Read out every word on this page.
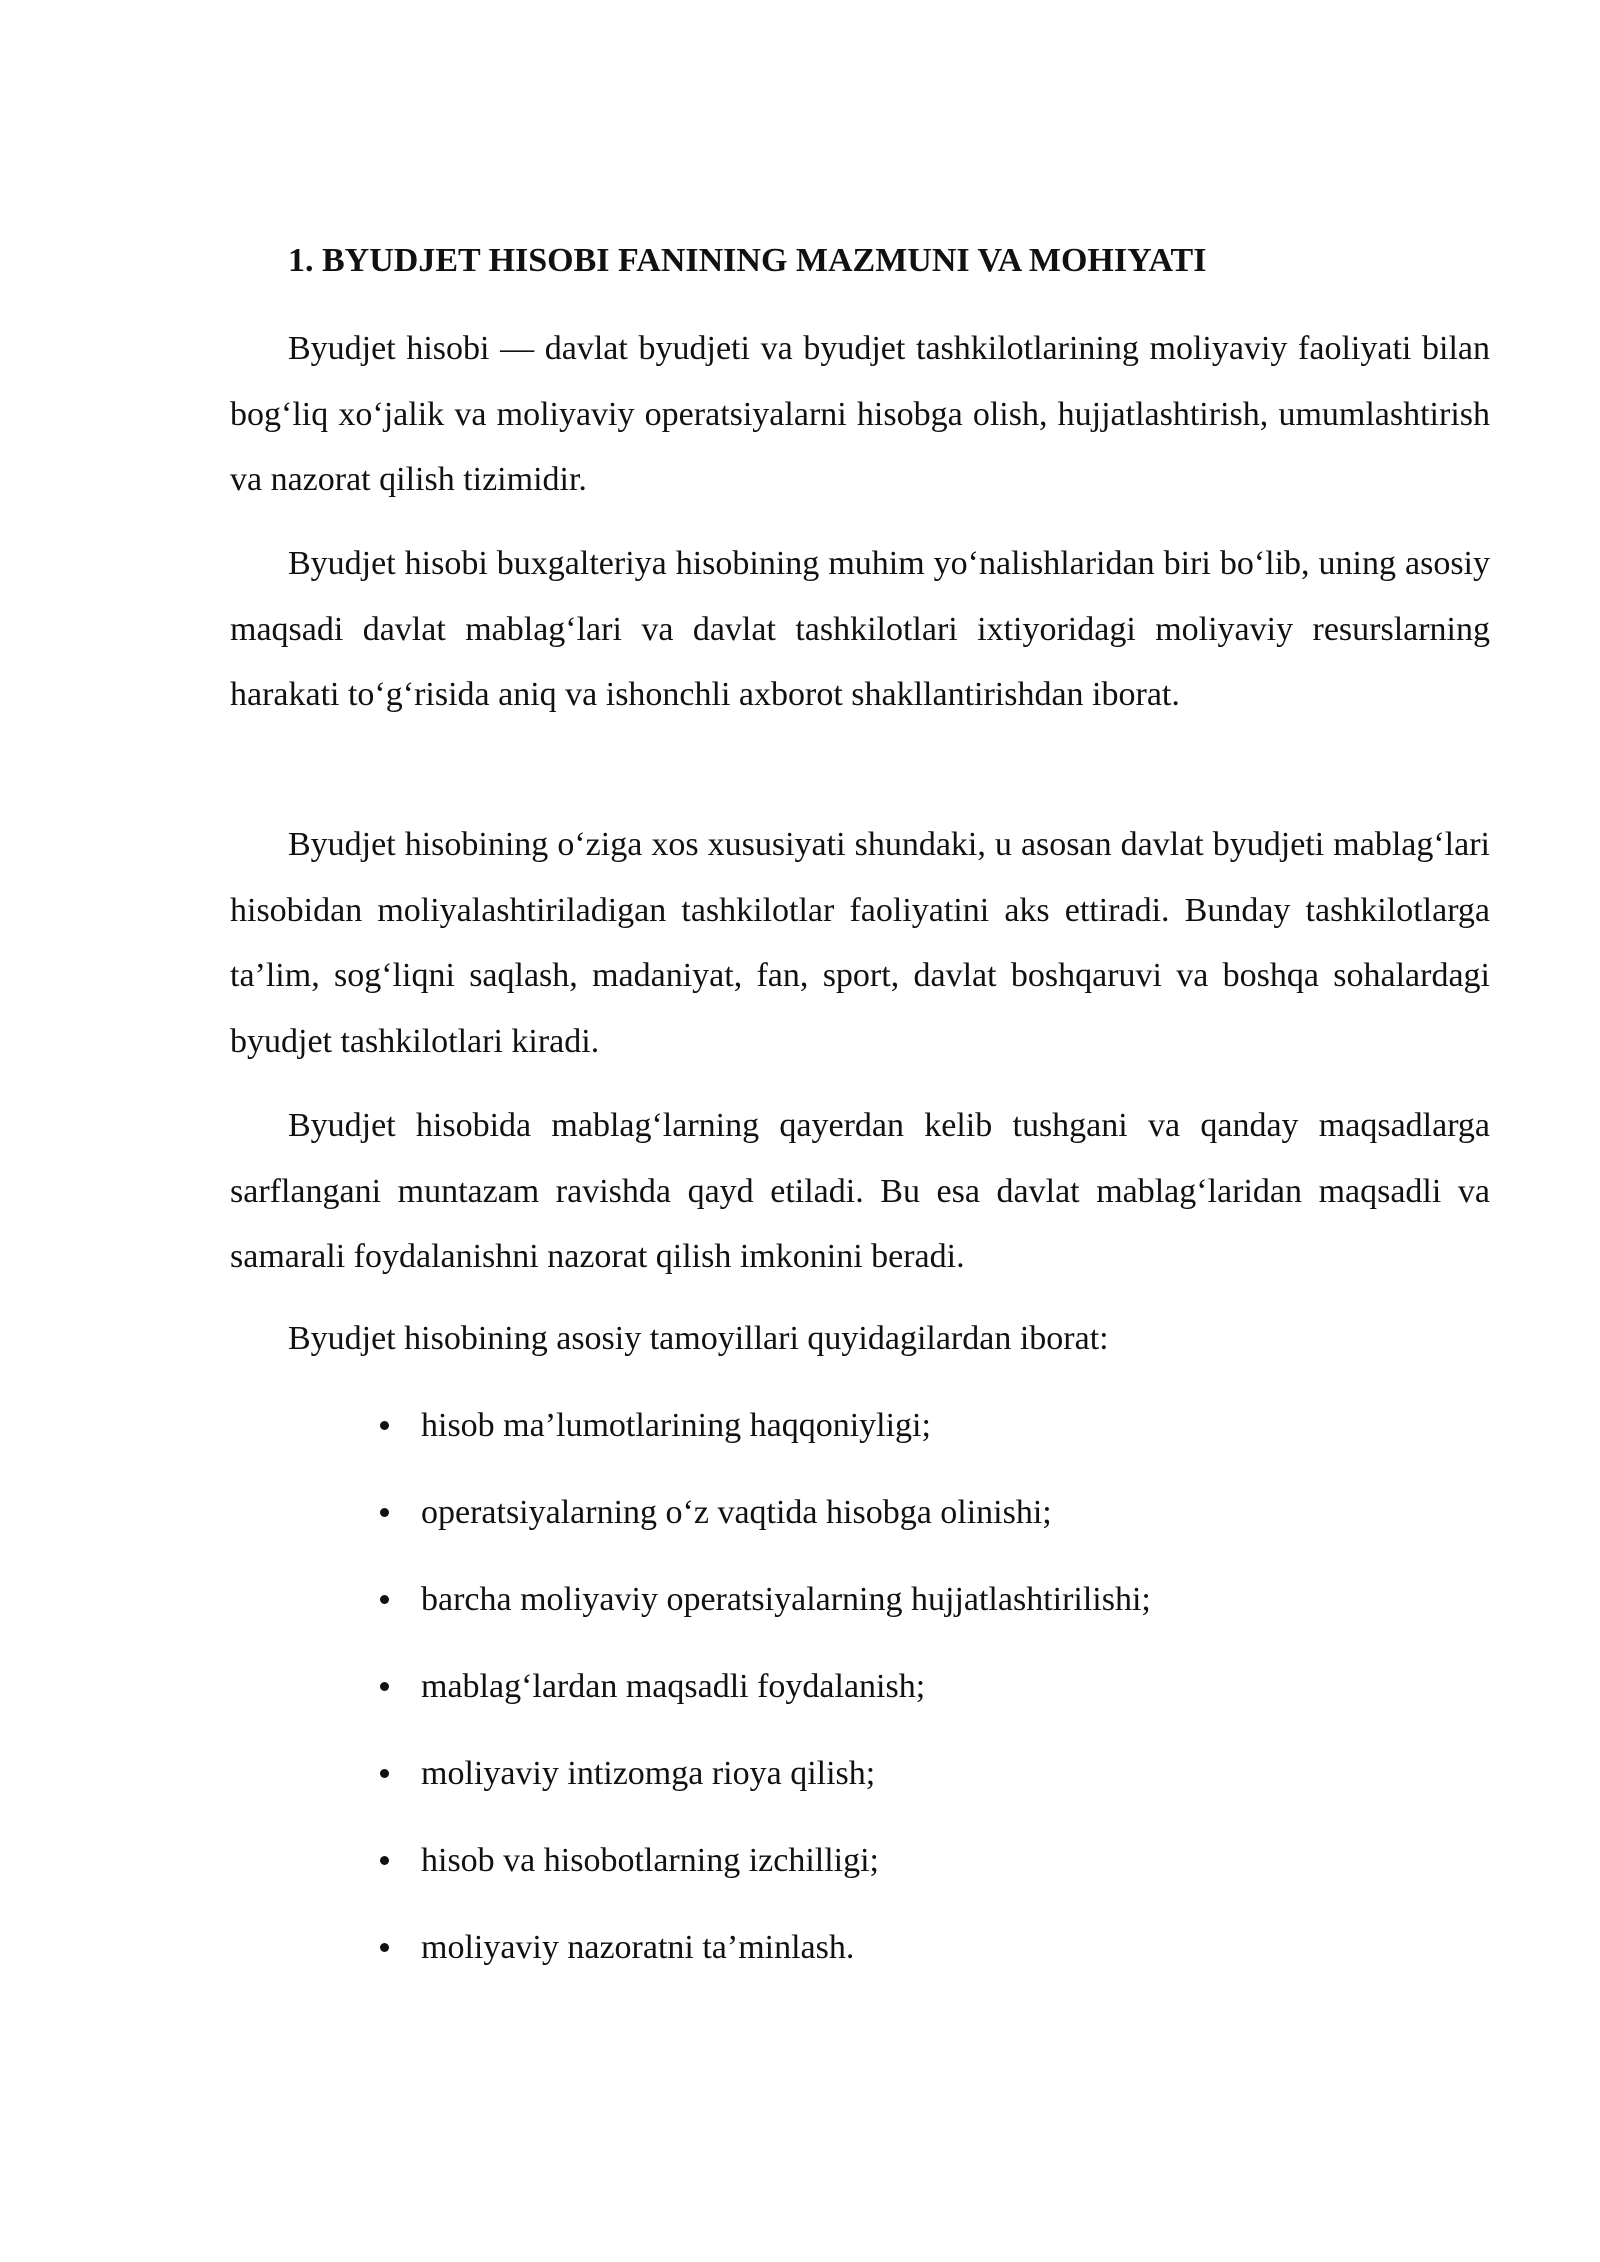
1. BYUDJET HISOBI FANINING MAZMUNI VA MOHIYATI

Byudjet hisobi — davlat byudjeti va byudjet tashkilotlarining moliyaviy faoliyati bilan bog‘liq xo‘jalik va moliyaviy operatsiyalarni hisobga olish, hujjatlashtirish, umumlashtirish va nazorat qilish tizimidir.

Byudjet hisobi buxgalteriya hisobining muhim yo‘nalishlaridan biri bo‘lib, uning asosiy maqsadi davlat mablag‘lari va davlat tashkilotlari ixtiyoridagi moliyaviy resurslarning harakati to‘g‘risida aniq va ishonchli axborot shakllantirishdan iborat.

Byudjet hisobining o‘ziga xos xususiyati shundaki, u asosan davlat byudjeti mablag‘lari hisobidan moliyalashtiriladigan tashkilotlar faoliyatini aks ettiradi. Bunday tashkilotlarga ta’lim, sog‘liqni saqlash, madaniyat, fan, sport, davlat boshqaruvi va boshqa sohalardagi byudjet tashkilotlari kiradi.

Byudjet hisobida mablag‘larning qayerdan kelib tushgani va qanday maqsadlarga sarflangani muntazam ravishda qayd etiladi. Bu esa davlat mablag‘laridan maqsadli va samarali foydalanishni nazorat qilish imkonini beradi.

Byudjet hisobining asosiy tamoyillari quyidagilardan iborat:

hisob ma’lumotlarining haqqoniyligi;
operatsiyalarning o‘z vaqtida hisobga olinishi;
barcha moliyaviy operatsiyalarning hujjatlashtirilishi;
mablag‘lardan maqsadli foydalanish;
moliyaviy intizomga rioya qilish;
hisob va hisobotlarning izchilligi;
moliyaviy nazoratni ta’minlash.
